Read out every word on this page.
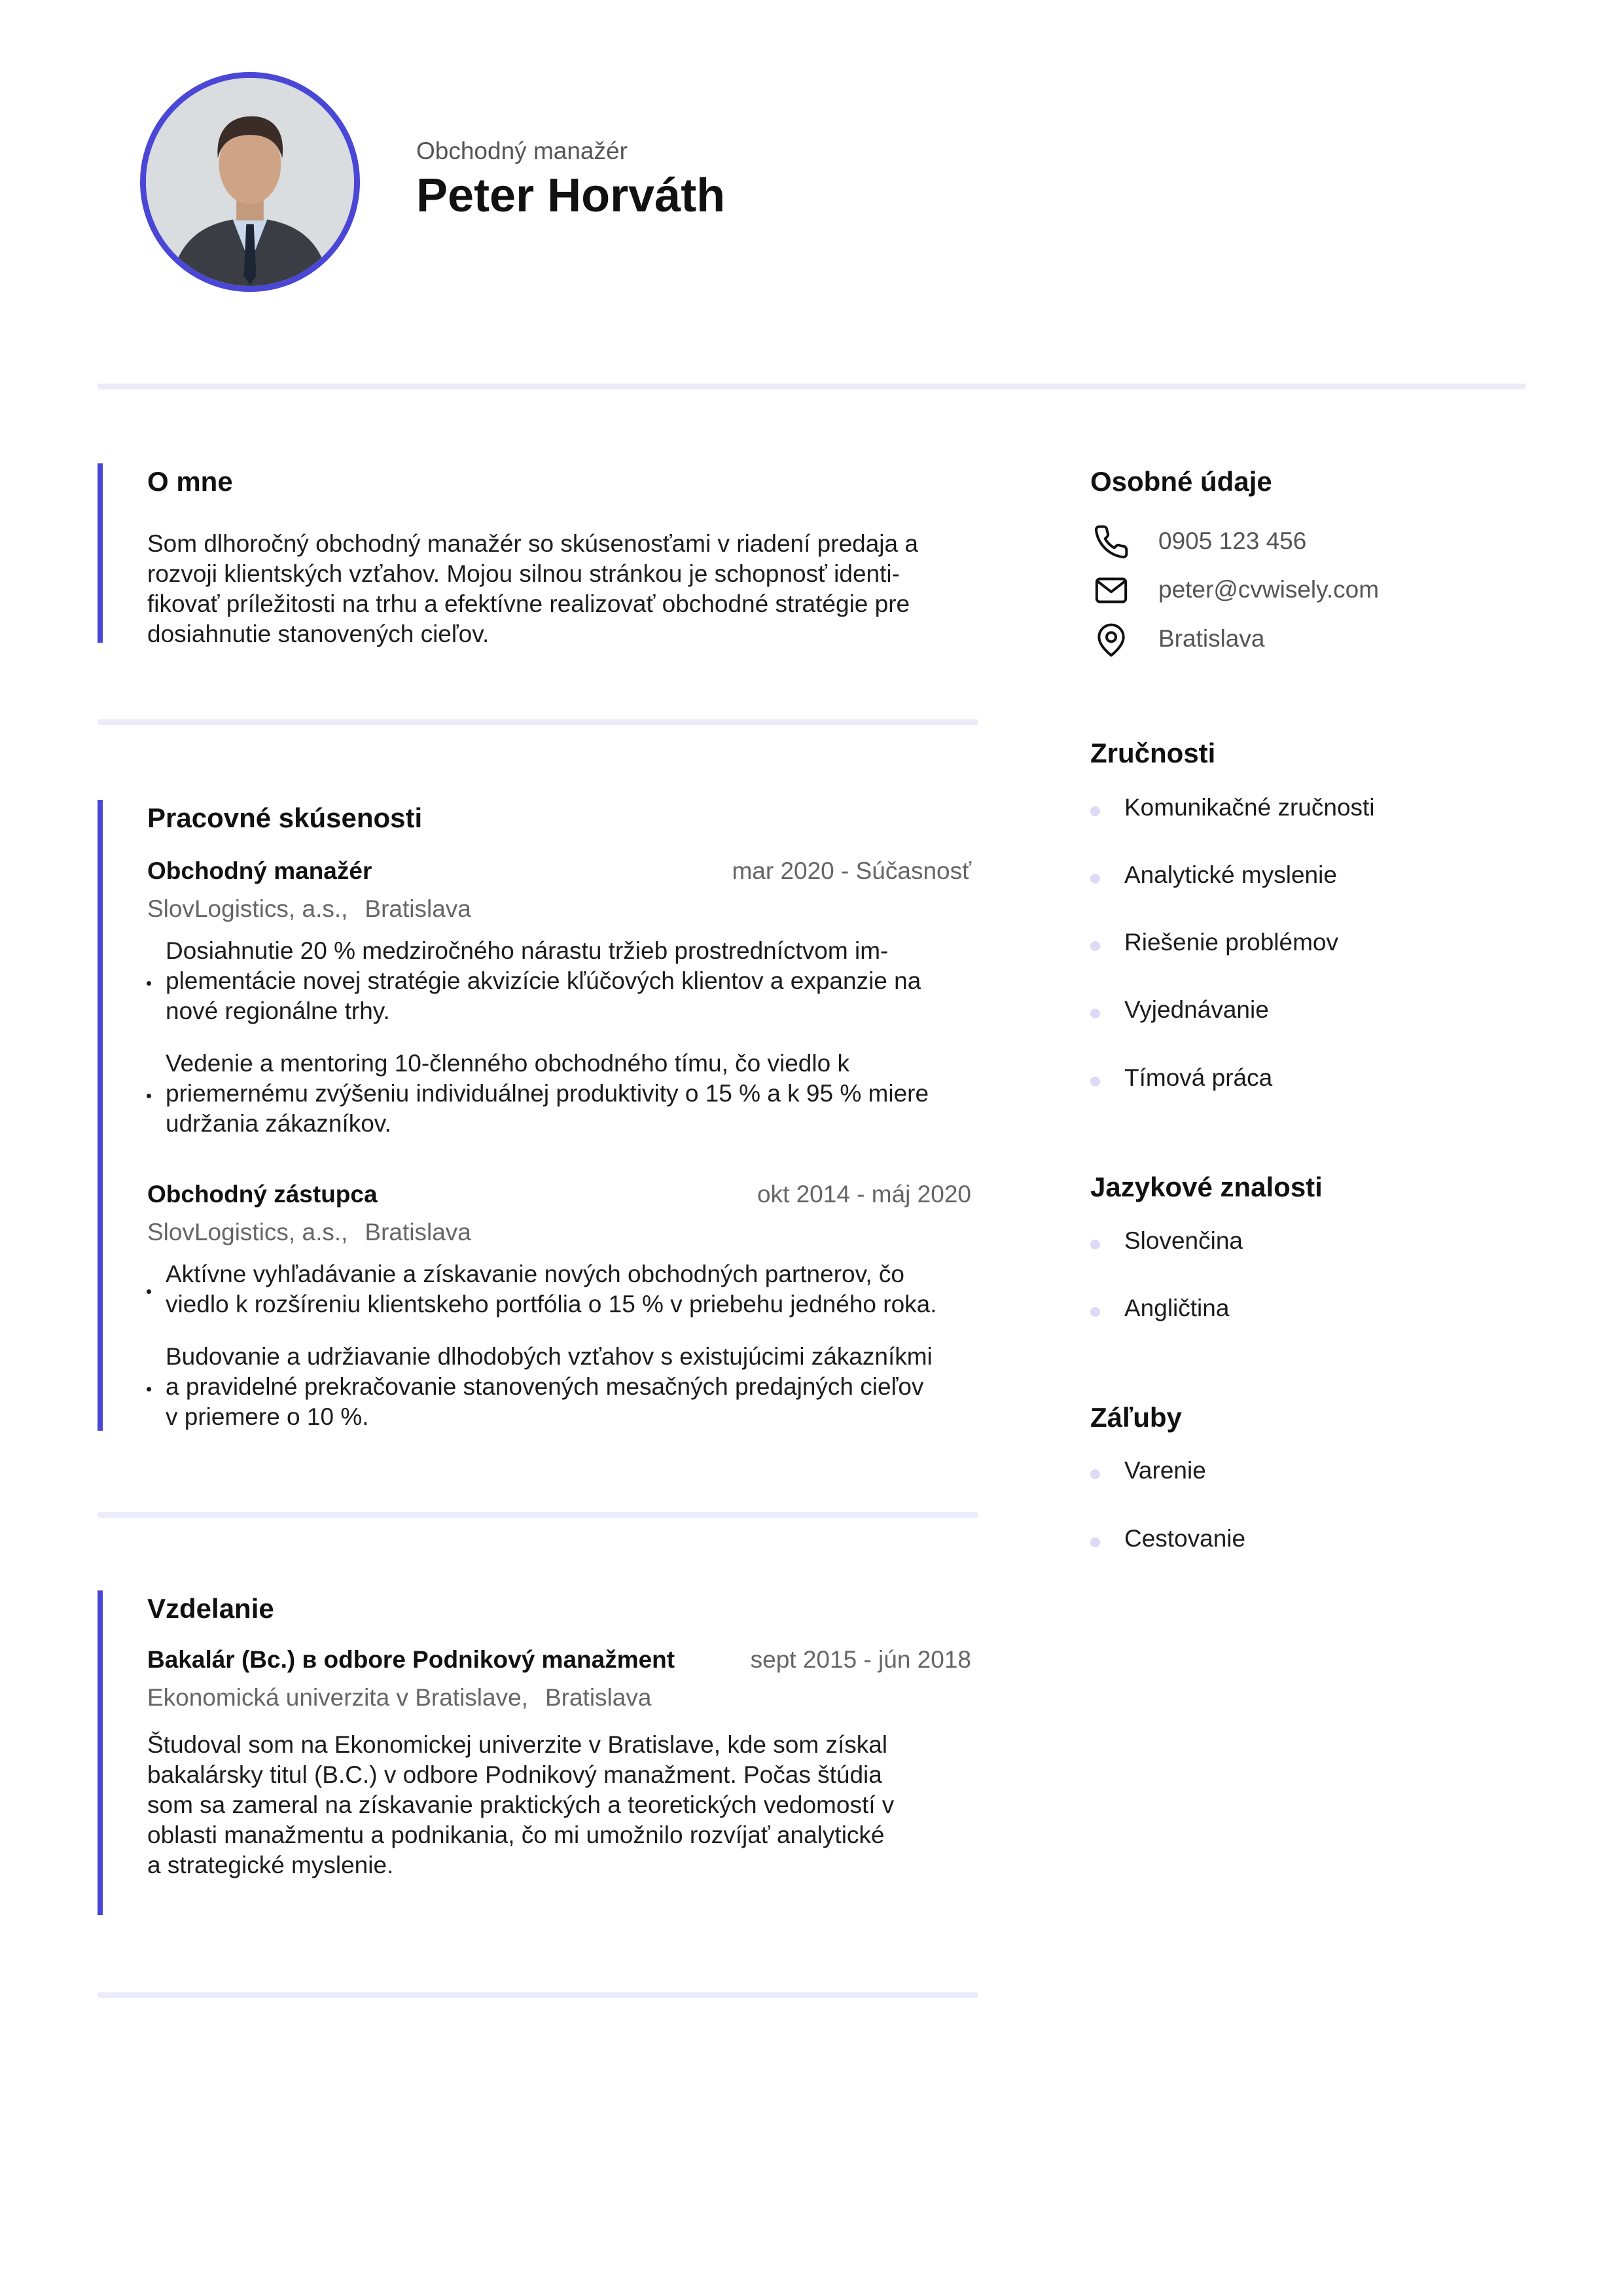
Obchodný manažér
Peter Horváth
O mne
Som dlhoročný obchodný manažér so skúsenosťami v riadení predaja a
rozvoji klientských vzťahov. Mojou silnou stránkou je schopnosť identi-
fikovať príležitosti na trhu a efektívne realizovať obchodné stratégie pre
dosiahnutie stanovených cieľov.
Pracovné skúsenosti
Obchodný manažér	mar 2020 - Súčasnosť
SlovLogistics, a.s., Bratislava
Dosiahnutie 20 % medziročného nárastu tržieb prostredníctvom im-
plementácie novej stratégie akvizície kľúčových klientov a expanzie na
nové regionálne trhy.
Vedenie a mentoring 10-členného obchodného tímu, čo viedlo k
priemernému zvýšeniu individuálnej produktivity o 15 % a k 95 % miere
udržania zákazníkov.
Obchodný zástupca	okt 2014 - máj 2020
SlovLogistics, a.s., Bratislava
Aktívne vyhľadávanie a získavanie nových obchodných partnerov, čo
viedlo k rozšíreniu klientskeho portfólia o 15 % v priebehu jedného roka.
Budovanie a udržiavanie dlhodobých vzťahov s existujúcimi zákazníkmi
a pravidelné prekračovanie stanovených mesačných predajných cieľov
v priemere o 10 %.
Vzdelanie
Bakalár (Bc.) в odbore Podnikový manažment	sept 2015 - jún 2018
Ekonomická univerzita v Bratislave, Bratislava
Študoval som na Ekonomickej univerzite v Bratislave, kde som získal
bakalársky titul (B.C.) v odbore Podnikový manažment. Počas štúdia
som sa zameral na získavanie praktických a teoretických vedomostí v
oblasti manažmentu a podnikania, čo mi umožnilo rozvíjať analytické
a strategické myslenie.
Osobné údaje
0905 123 456
peter@cvwisely.com
Bratislava
Zručnosti
Komunikačné zručnosti
Analytické myslenie
Riešenie problémov
Vyjednávanie
Tímová práca
Jazykové znalosti
Slovenčina
Angličtina
Záľuby
Varenie
Cestovanie
